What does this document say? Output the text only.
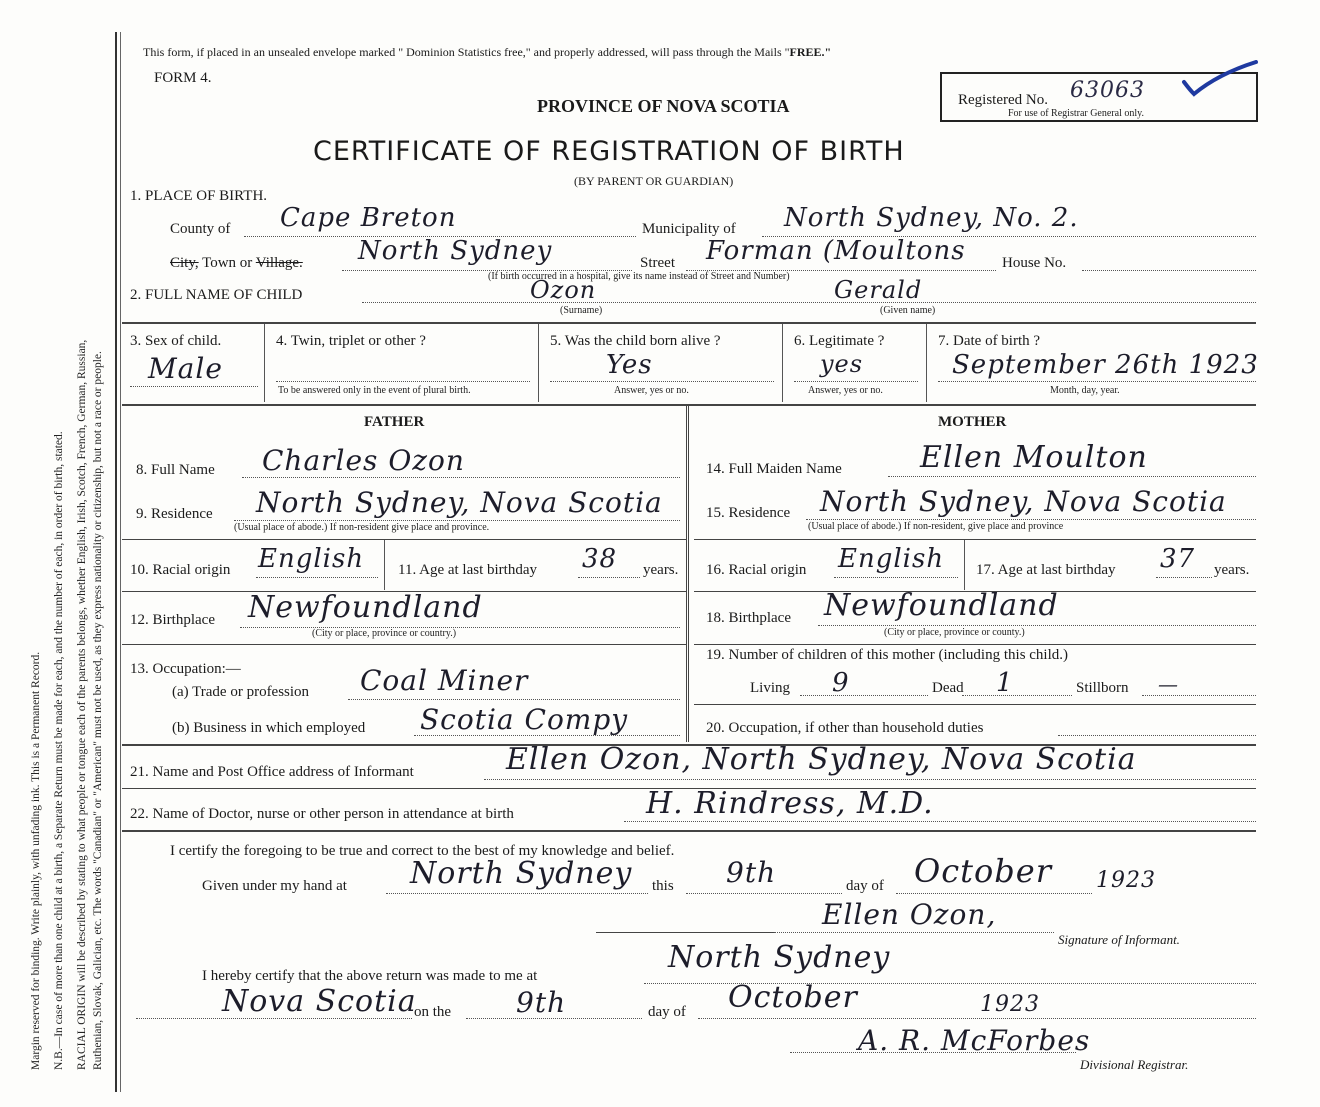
Margin reserved for binding. Write plainly, with unfading ink. This is a Permanent Record. N.B.—In case of more than one child at a birth, a Separate Return must be made for each, and the number of each, in order of birth, stated. RACIAL ORIGIN will be described by stating to what people or tongue each of the parents belongs, whether English, Irish, Scotch, French, German, Russian, Ruthenian, Slovak, Galician, etc. The words "Canadian" or "American" must not be used, as they express nationality or citizenship, but not a race or people.
This form, if placed in an unsealed envelope marked " Dominion Statistics free," and properly addressed, will pass through the Mails "FREE."
FORM 4.
PROVINCE OF NOVA SCOTIA
CERTIFICATE OF REGISTRATION OF BIRTH
(BY PARENT OR GUARDIAN)
Registered No. 63063
For use of Registrar General only.
1. PLACE OF BIRTH.
County of Cape Breton	Municipality of North Sydney, No. 2.
City, Town or Village. North Sydney	Street Forman (Moultons House No.
(If birth occurred in a hospital, give its name instead of Street and Number)
2. FULL NAME OF CHILD	Ozon
(Surname)
Gerald
(Given name)
3. Sex of child.
Male
4. Twin, triplet or other ?
To be answered only in the event of plural birth.
5. Was the child born alive ?
Yes
Answer, yes or no.
6. Legitimate ?
yes
Answer, yes or no.
7. Date of birth ?
September 26th 1923
Month, day, year.
FATHER	MOTHER
8. Full Name Charles Ozon
9. Residence North Sydney, Nova Scotia
(Usual place of abode.) If non-resident give place and province.
10. Racial origin English 11. Age at last birthday 38 years.
12. Birthplace Newfoundland
(City or place, province or country.)
13. Occupation:—
(a) Trade or profession Coal Miner
(b) Business in which employed Scotia Compy
14. Full Maiden Name	Ellen Moulton
15. Residence North Sydney, Nova Scotia
(Usual place of abode.) If non-resident, give place and province
16. Racial origin English 17. Age at last birthday 37 years.
18. Birthplace Newfoundland
(City or place, province or county.)
19. Number of children of this mother (including this child.)
Living 9	Dead 1	Stillborn —
20. Occupation, if other than household duties
21. Name and Post Office address of Informant	Ellen Ozon, North Sydney, Nova Scotia
22. Name of Doctor, nurse or other person in attendance at birth	H. Rindress, M.D.
I certify the foregoing to be true and correct to the best of my knowledge and belief.
Given under my hand at North Sydney this 9th	day of October 1923
Ellen Ozon,
Signature of Informant.
I hereby certify that the above return was made to me at
North Sydney
Nova Scotia
on the 9th	day of October	1923
A. R. McForbes
Divisional Registrar.
